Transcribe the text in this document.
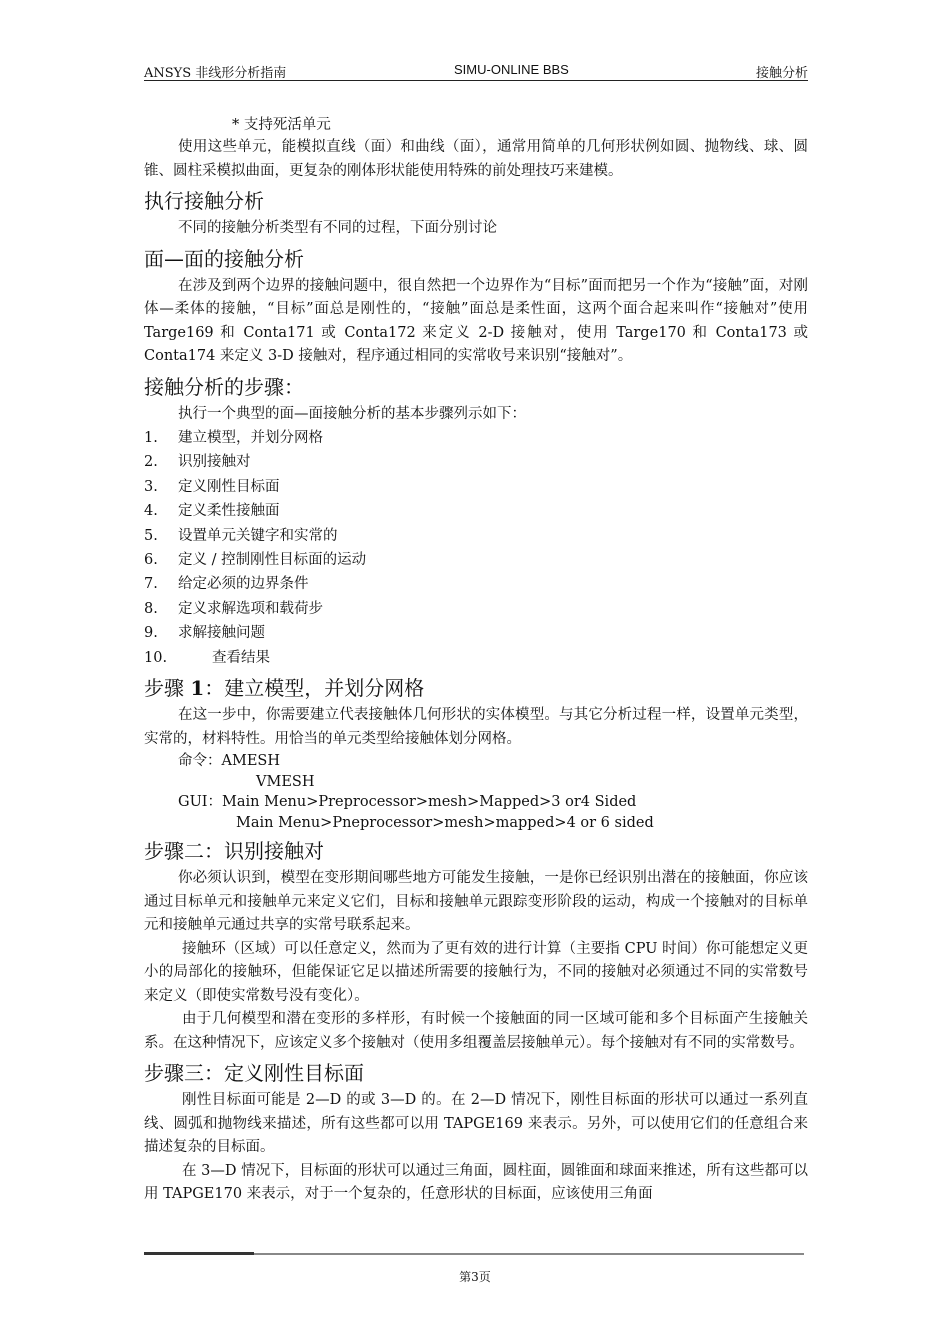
ANSYS 非线形分析指南	SIMU-ONLINE BBS	接触分析

* 支持死活单元

使用这些单元，能模拟直线（面）和曲线（面），通常用简单的几何形状例如圆、抛物线、球、圆锥、圆柱采模拟曲面，更复杂的刚体形状能使用特殊的前处理技巧来建模。

执行接触分析

不同的接触分析类型有不同的过程，下面分别讨论

面—面的接触分析

在涉及到两个边界的接触问题中，很自然把一个边界作为“目标”面而把另一个作为“接触”面，对刚体—柔体的接触，“目标”面总是刚性的，“接触”面总是柔性面，这两个面合起来叫作“接触对”使用 Targe169 和 Conta171 或 Conta172 来定义 2-D 接触对，使用 Targe170 和 Conta173 或 Conta174 来定义 3-D 接触对，程序通过相同的实常收号来识别“接触对”。

接触分析的步骤：

执行一个典型的面—面接触分析的基本步骤列示如下：

1. 建立模型，并划分网格
2. 识别接触对
3. 定义刚性目标面
4. 定义柔性接触面
5. 设置单元关键字和实常的
6. 定义 / 控制刚性目标面的运动
7. 给定必须的边界条件
8. 定义求解选项和载荷步
9. 求解接触问题
10.	查看结果
步骤 1：建立模型，并划分网格

在这一步中，你需要建立代表接触体几何形状的实体模型。与其它分析过程一样，设置单元类型，实常的，材料特性。用恰当的单元类型给接触体划分网格。

命令：AMESH

VMESH

GUI：Main Menu>Preprocessor>mesh>Mapped>3 or4 Sided

Main Menu>Pneprocessor>mesh>mapped>4 or 6 sided

步骤二：识别接触对

你必须认识到，模型在变形期间哪些地方可能发生接触，一是你已经识别出潜在的接触面，你应该通过目标单元和接触单元来定义它们，目标和接触单元跟踪变形阶段的运动，构成一个接触对的目标单元和接触单元通过共享的实常号联系起来。

接触环（区域）可以任意定义，然而为了更有效的进行计算（主要指 CPU 时间）你可能想定义更小的局部化的接触环，但能保证它足以描述所需要的接触行为，不同的接触对必须通过不同的实常数号来定义（即使实常数号没有变化）。

由于几何模型和潜在变形的多样形，有时候一个接触面的同一区域可能和多个目标面产生接触关系。在这种情况下，应该定义多个接触对（使用多组覆盖层接触单元）。每个接触对有不同的实常数号。

步骤三：定义刚性目标面

刚性目标面可能是 2—D 的或 3—D 的。在 2—D 情况下，刚性目标面的形状可以通过一系列直线、圆弧和抛物线来描述，所有这些都可以用 TAPGE169 来表示。另外，可以使用它们的任意组合来描述复杂的目标面。

在 3—D 情况下，目标面的形状可以通过三角面，圆柱面，圆锥面和球面来推述，所有这些都可以用 TAPGE170 来表示，对于一个复杂的，任意形状的目标面，应该使用三角面

第3页
